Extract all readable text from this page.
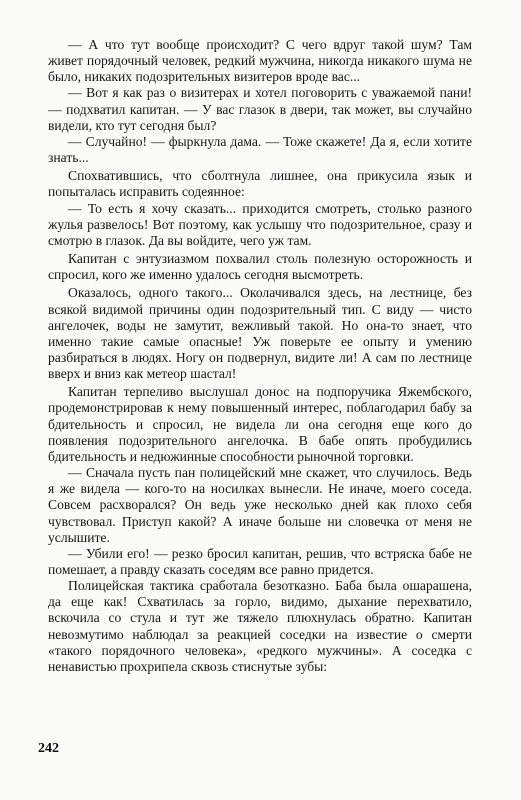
— А что тут вообще происходит? С чего вдруг такой шум? Там живет порядочный человек, редкий мужчина, никогда никакого шума не было, никаких подозрительных визитеров вроде вас...

— Вот я как раз о визитерах и хотел поговорить с уважаемой пани! — подхватил капитан. — У вас глазок в двери, так может, вы случайно видели, кто тут сегодня был?

— Случайно! — фыркнула дама. — Тоже скажете! Да я, если хотите знать...

Спохватившись, что сболтнула лишнее, она прикусила язык и попыталась исправить содеянное:

— То есть я хочу сказать... приходится смотреть, столько разного жулья развелось! Вот поэтому, как услышу что подозрительное, сразу и смотрю в глазок. Да вы войдите, чего уж там.

Капитан с энтузиазмом похвалил столь полезную осторожность и спросил, кого же именно удалось сегодня высмотреть.

Оказалось, одного такого... Околачивался здесь, на лестнице, без всякой видимой причины один подозрительный тип. С виду — чисто ангелочек, воды не замутит, вежливый такой. Но она-то знает, что именно такие самые опасные! Уж поверьте ее опыту и умению разбираться в людях. Ногу он подвернул, видите ли! А сам по лестнице вверх и вниз как метеор шастал!

Капитан терпеливо выслушал донос на подпоручика Яжембского, продемонстрировав к нему повышенный интерес, поблагодарил бабу за бдительность и спросил, не видела ли она сегодня еще кого до появления подозрительного ангелочка. В бабе опять пробудились бдительность и недюжинные способности рыночной торговки.

— Сначала пусть пан полицейский мне скажет, что случилось. Ведь я же видела — кого-то на носилках вынесли. Не иначе, моего соседа. Совсем расхворался? Он ведь уже несколько дней как плохо себя чувствовал. Приступ какой? А иначе больше ни словечка от меня не услышите.

— Убили его! — резко бросил капитан, решив, что встряска бабе не помешает, а правду сказать соседям все равно придется.

Полицейская тактика сработала безотказно. Баба была ошарашена, да еще как! Схватилась за горло, видимо, дыхание перехватило, вскочила со стула и тут же тяжело плюхнулась обратно. Капитан невозмутимо наблюдал за реакцией соседки на известие о смерти «такого порядочного человека», «редкого мужчины». А соседка с ненавистью прохрипела сквозь стиснутые зубы:

242
